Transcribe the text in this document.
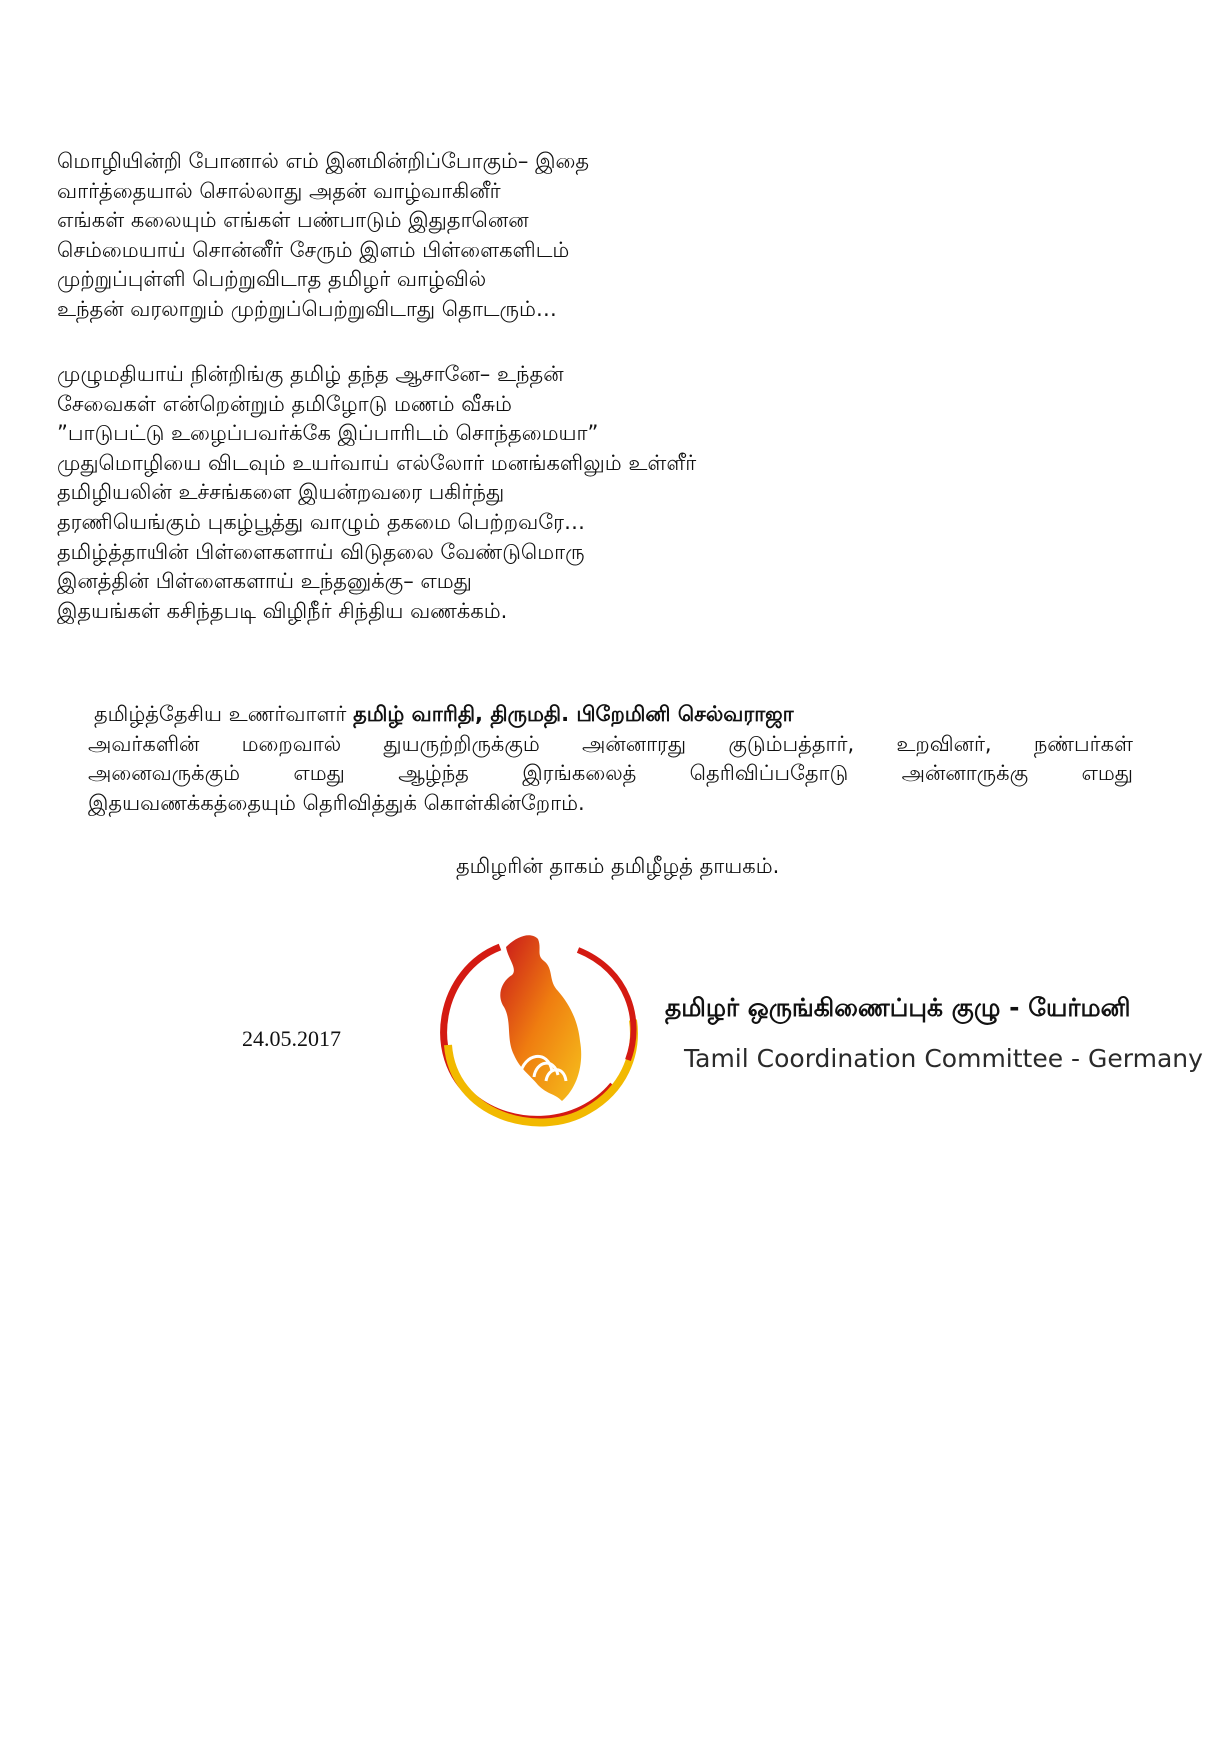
மொழியின்றி போனால் எம் இனமின்றிப்போகும்– இதை
வார்த்தையால் சொல்லாது அதன் வாழ்வாகினீர்
எங்கள் கலையும் எங்கள் பண்பாடும் இதுதானென
செம்மையாய் சொன்னீர் சேரும் இளம் பிள்ளைகளிடம்
முற்றுப்புள்ளி பெற்றுவிடாத தமிழர் வாழ்வில்
உந்தன் வரலாறும் முற்றுப்பெற்றுவிடாது தொடரும்…
முழுமதியாய் நின்றிங்கு தமிழ் தந்த ஆசானே– உந்தன்
சேவைகள் என்றென்றும் தமிழோடு மணம் வீசும்
”பாடுபட்டு உழைப்பவர்க்கே இப்பாரிடம் சொந்தமையா”
முதுமொழியை விடவும் உயர்வாய் எல்லோர் மனங்களிலும் உள்ளீர்
தமிழியலின் உச்சங்களை இயன்றவரை பகிர்ந்து
தரணியெங்கும் புகழ்பூத்து வாழும் தகமை பெற்றவரே…
தமிழ்த்தாயின் பிள்ளைகளாய் விடுதலை வேண்டுமொரு
இனத்தின் பிள்ளைகளாய் உந்தனுக்கு– எமது
இதயங்கள் கசிந்தபடி விழிநீர் சிந்திய வணக்கம்.
தமிழ்த்தேசிய உணர்வாளர் தமிழ் வாரிதி, திருமதி. பிறேமினி செல்வராஜா
அவர்களின் மறைவால் துயருற்றிருக்கும் அன்னாரது குடும்பத்தார், உறவினர், நண்பர்கள்
அனைவருக்கும் எமது ஆழ்ந்த இரங்கலைத் தெரிவிப்பதோடு அன்னாருக்கு எமது
இதயவணக்கத்தையும் தெரிவித்துக் கொள்கின்றோம்.
தமிழரின் தாகம் தமிழீழத் தாயகம்.
24.05.2017
தமிழர் ஒருங்கிணைப்புக் குழு - யேர்மனி
Tamil Coordination Committee - Germany
